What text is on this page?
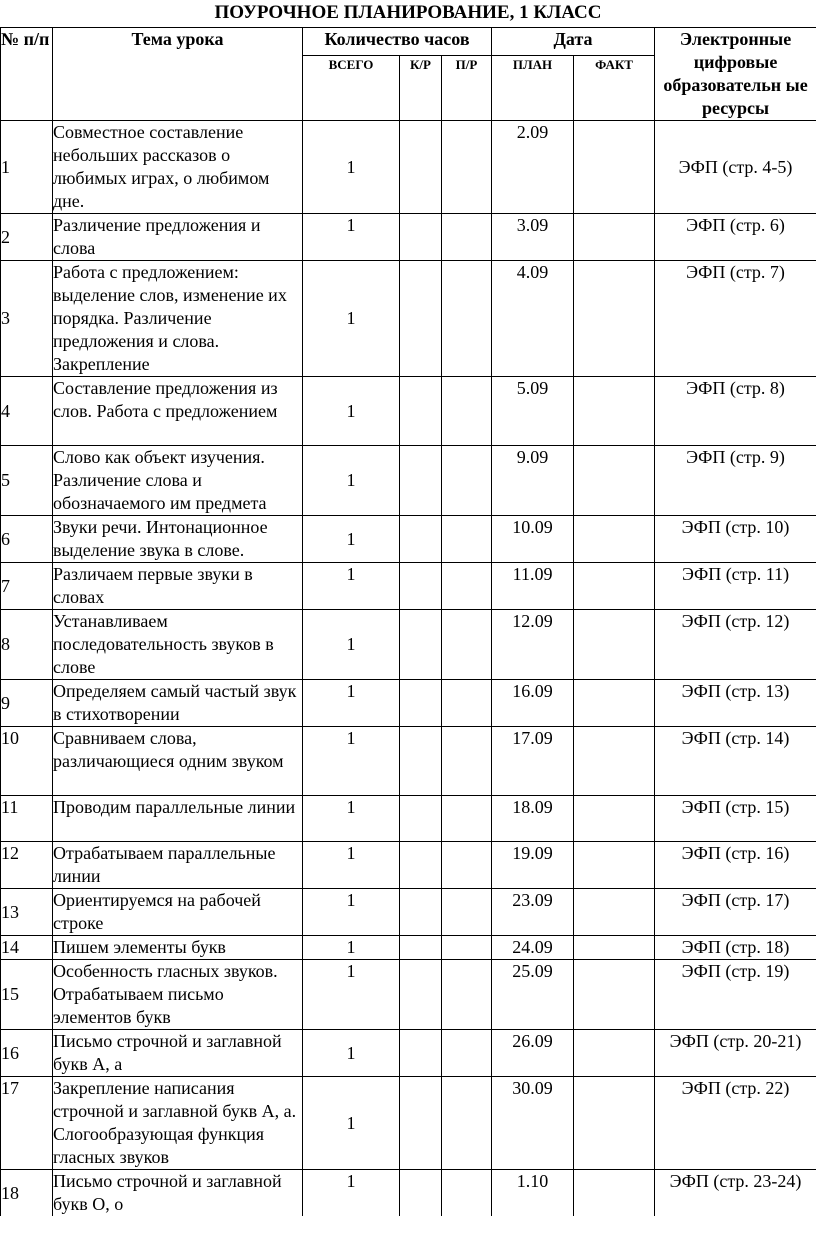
ПОУРОЧНОЕ ПЛАНИРОВАНИЕ, 1 КЛАСС
№ п/п	Тема урока	Количество часов			Дата		Электронные цифровые образовательн ые ресурсы
		ВСЕГО	К/Р	П/Р	ПЛАН	ФАКТ	
1	Совместное составление небольших рассказов о любимых играх, о любимом дне.	1			2.09		ЭФП (стр. 4-5)
2	Различение предложения и слова	1			3.09		ЭФП (стр. 6)
3	Работа с предложением: выделение слов, изменение их порядка. Различение предложения и слова. Закрепление	1			4.09		ЭФП (стр. 7)
4	Составление предложения из слов. Работа с предложением	1			5.09		ЭФП (стр. 8)
5	Слово как объект изучения. Различение слова и обозначаемого им предмета	1			9.09		ЭФП (стр. 9)
6	Звуки речи. Интонационное выделение звука в слове.	1			10.09		ЭФП (стр. 10)
7	Различаем первые звуки в словах	1			11.09		ЭФП (стр. 11)
8	Устанавливаем последовательность звуков в слове	1			12.09		ЭФП (стр. 12)
9	Определяем самый частый звук в стихотворении	1			16.09		ЭФП (стр. 13)
10	Сравниваем слова, различающиеся одним звуком	1			17.09		ЭФП (стр. 14)
11	Проводим параллельные линии	1			18.09		ЭФП (стр. 15)
12	Отрабатываем параллельные линии	1			19.09		ЭФП (стр. 16)
13	Ориентируемся на рабочей строке	1			23.09		ЭФП (стр. 17)
14	Пишем элементы букв	1			24.09		ЭФП (стр. 18)
15	Особенность гласных звуков. Отрабатываем письмо элементов букв	1			25.09		ЭФП (стр. 19)
16	Письмо строчной и заглавной букв А, а	1			26.09		ЭФП (стр. 20-21)
17	Закрепление написания строчной и заглавной букв А, а. Слогообразующая функция гласных звуков	1			30.09		ЭФП (стр. 22)
18	Письмо строчной и заглавной букв О, о	1			1.10		ЭФП (стр. 23-24)
